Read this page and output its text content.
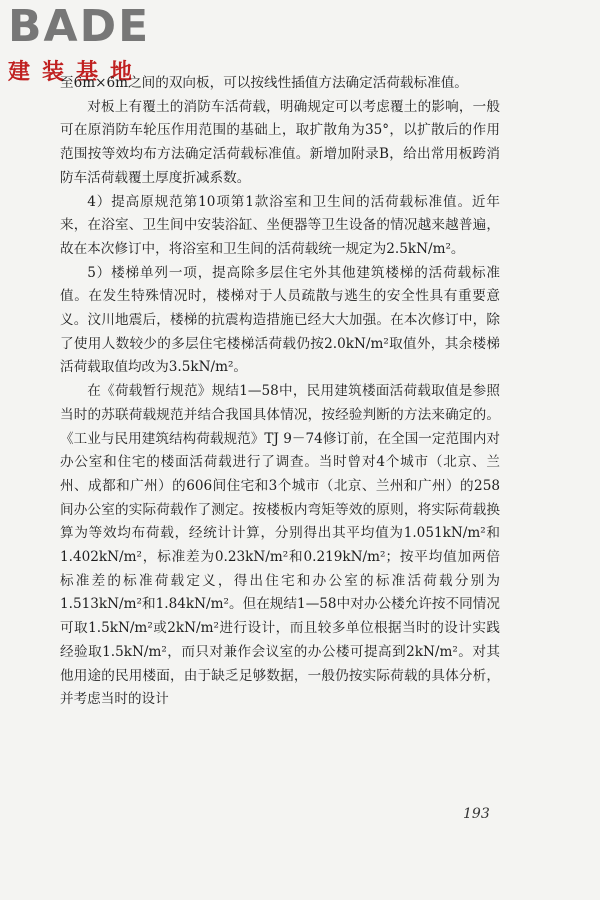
BADE
建装基地

至6m×6m之间的双向板，可以按线性插值方法确定活荷载标准值。

对板上有覆土的消防车活荷载，明确规定可以考虑覆土的影响，一般可在原消防车轮压作用范围的基础上，取扩散角为35°，以扩散后的作用范围按等效均布方法确定活荷载标准值。新增加附录B，给出常用板跨消防车活荷载覆土厚度折减系数。

4）提高原规范第10项第1款浴室和卫生间的活荷载标准值。近年来，在浴室、卫生间中安装浴缸、坐便器等卫生设备的情况越来越普遍，故在本次修订中，将浴室和卫生间的活荷载统一规定为2.5kN/m²。

5）楼梯单列一项，提高除多层住宅外其他建筑楼梯的活荷载标准值。在发生特殊情况时，楼梯对于人员疏散与逃生的安全性具有重要意义。汶川地震后，楼梯的抗震构造措施已经大大加强。在本次修订中，除了使用人数较少的多层住宅楼梯活荷载仍按2.0kN/m²取值外，其余楼梯活荷载取值均改为3.5kN/m²。

在《荷载暂行规范》规结1—58中，民用建筑楼面活荷载取值是参照当时的苏联荷载规范并结合我国具体情况，按经验判断的方法来确定的。《工业与民用建筑结构荷载规范》TJ 9－74修订前，在全国一定范围内对办公室和住宅的楼面活荷载进行了调查。当时曾对4个城市（北京、兰州、成都和广州）的606间住宅和3个城市（北京、兰州和广州）的258间办公室的实际荷载作了测定。按楼板内弯矩等效的原则，将实际荷载换算为等效均布荷载，经统计计算，分别得出其平均值为1.051kN/m²和1.402kN/m²，标准差为0.23kN/m²和0.219kN/m²；按平均值加两倍标准差的标准荷载定义，得出住宅和办公室的标准活荷载分别为1.513kN/m²和1.84kN/m²。但在规结1—58中对办公楼允许按不同情况可取1.5kN/m²或2kN/m²进行设计，而且较多单位根据当时的设计实践经验取1.5kN/m²，而只对兼作会议室的办公楼可提高到2kN/m²。对其他用途的民用楼面，由于缺乏足够数据，一般仍按实际荷载的具体分析，并考虑当时的设计

193
